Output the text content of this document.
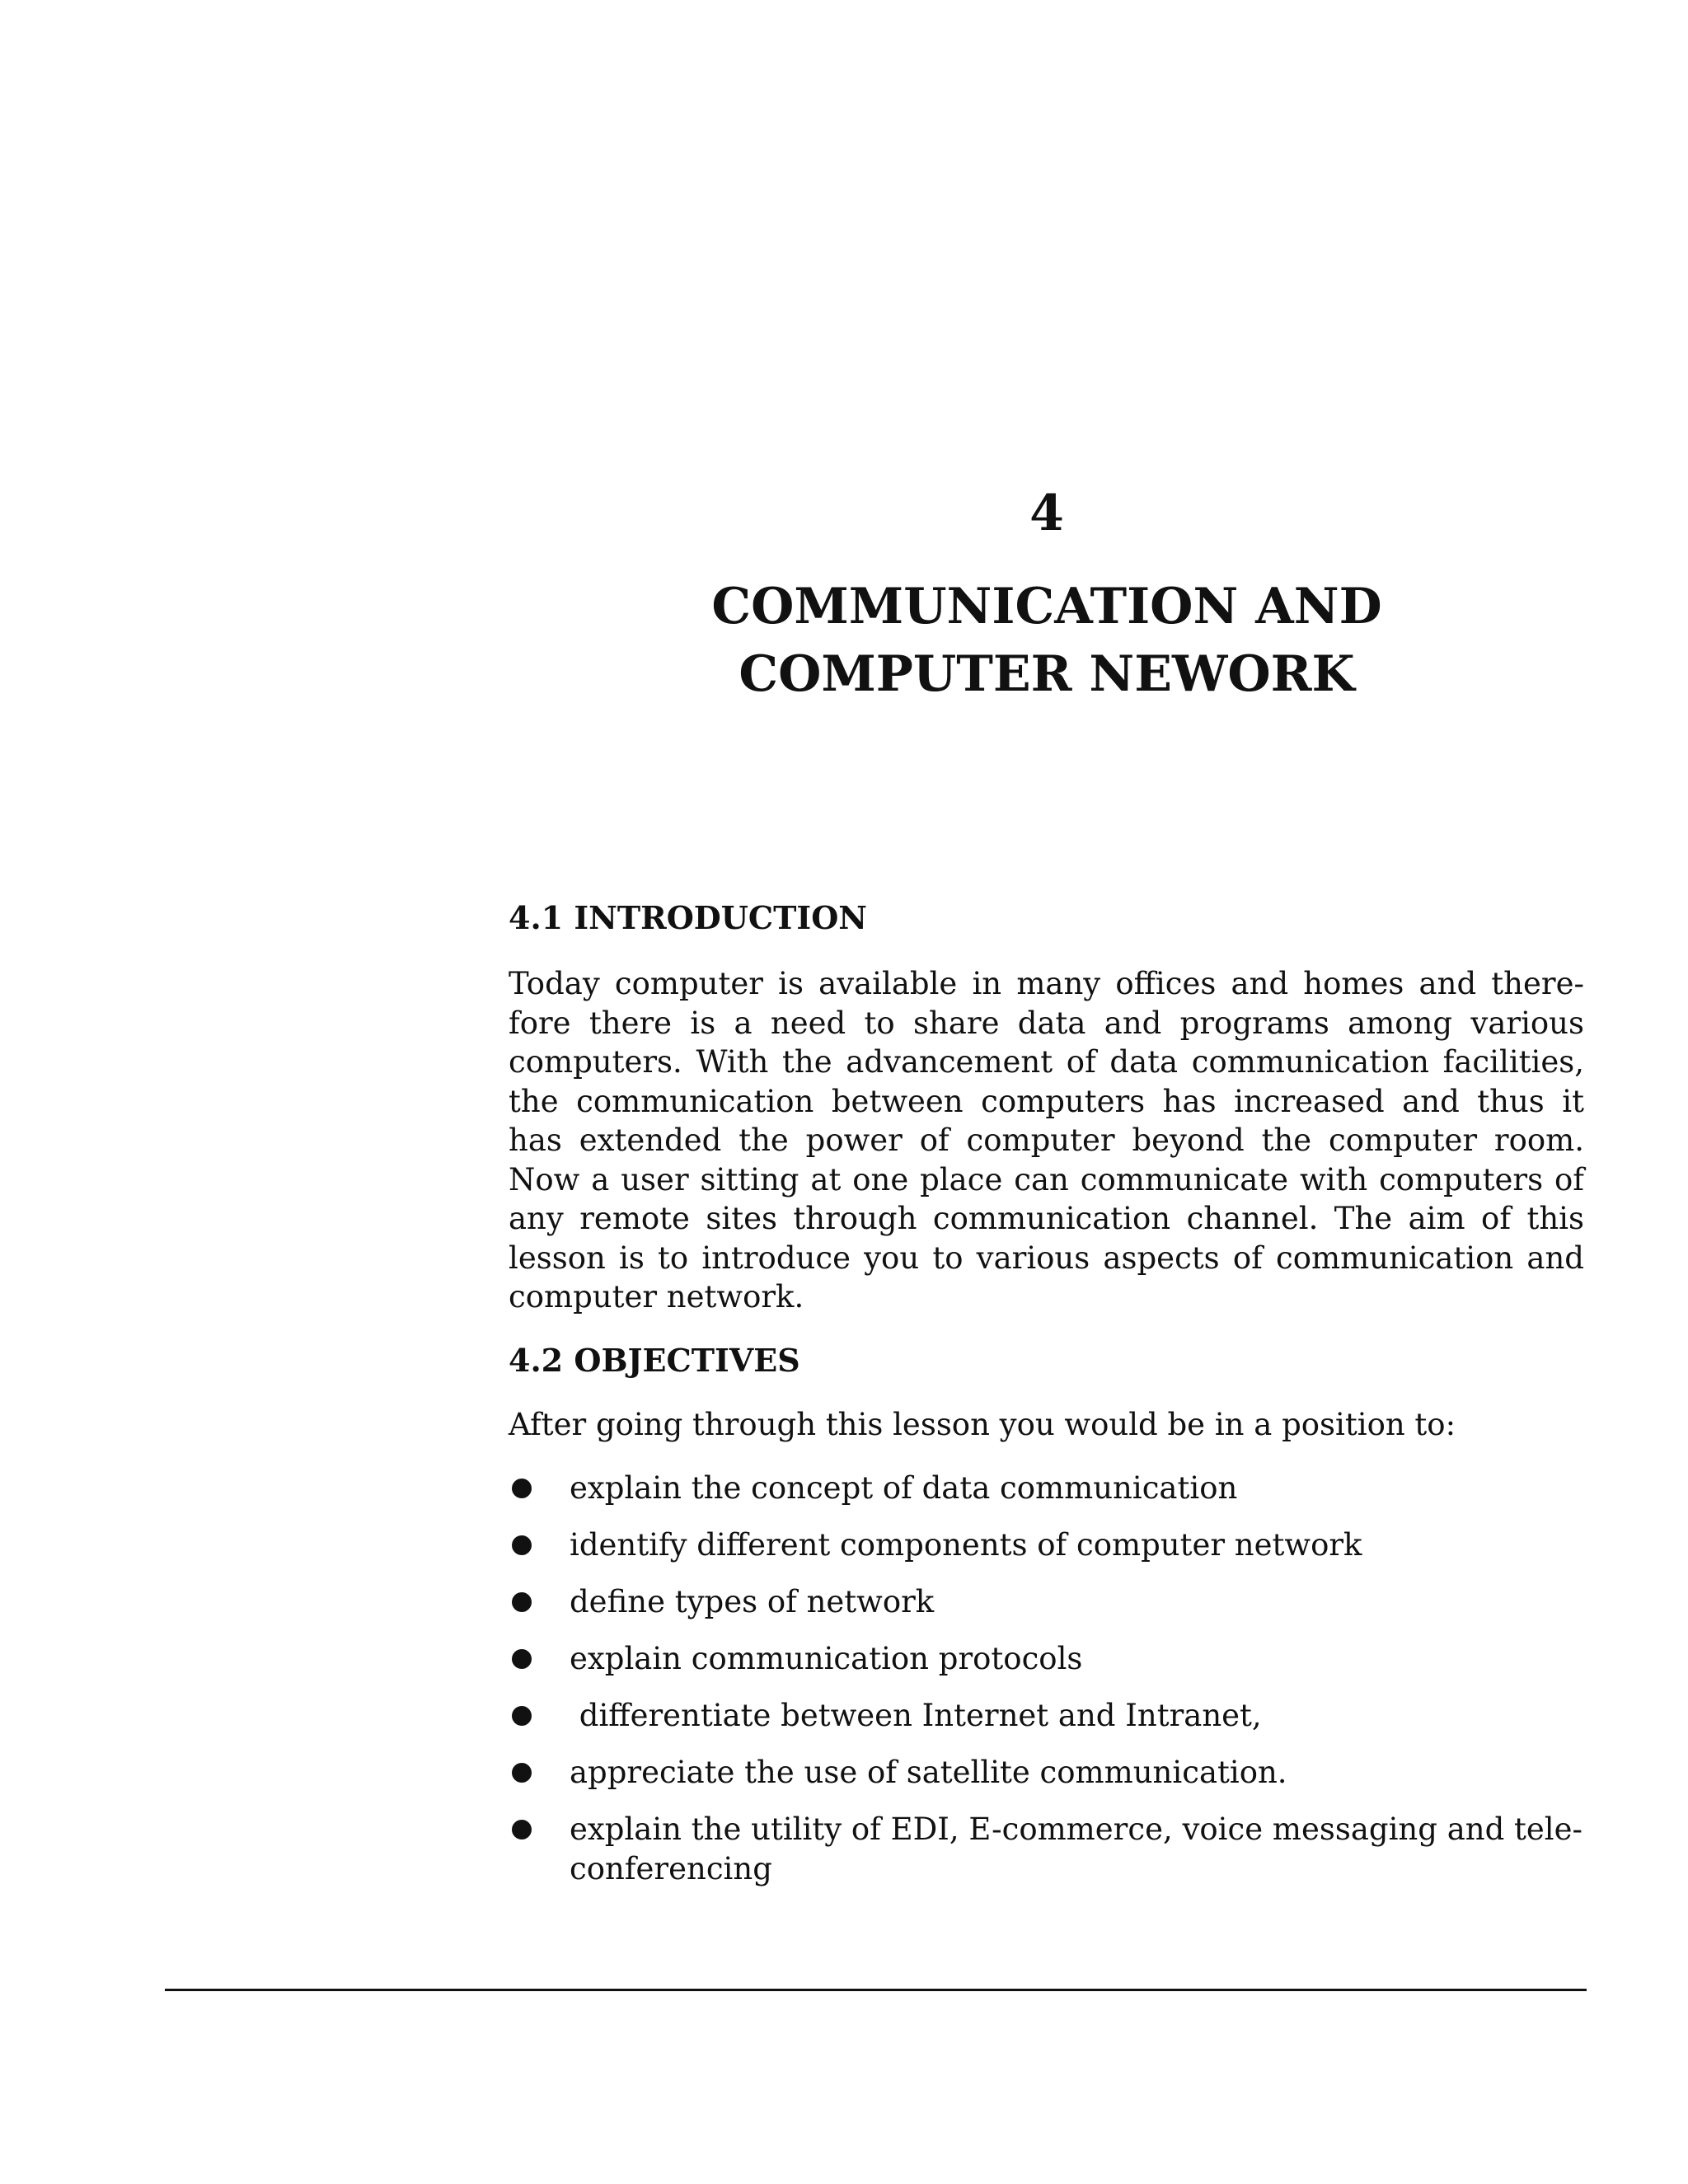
4
COMMUNICATION AND
COMPUTER NEWORK
4.1 INTRODUCTION
Today computer is available in many offices and homes and there-
fore there is a need to share data and programs among various
computers. With the advancement of data communication facilities,
the communication between computers has increased and thus it
has extended the power of computer beyond the computer room.
Now a user sitting at one place can communicate with computers of
any remote sites through communication channel. The aim of this
lesson is to introduce you to various aspects of communication and
computer network.
4.2 OBJECTIVES
After going through this lesson you would be in a position to:
explain the concept of data communication
identify different components of computer network
define types of network
explain communication protocols
differentiate between Internet and Intranet,
appreciate the use of satellite communication.
explain the utility of EDI, E-commerce, voice messaging and tele-conferencing
